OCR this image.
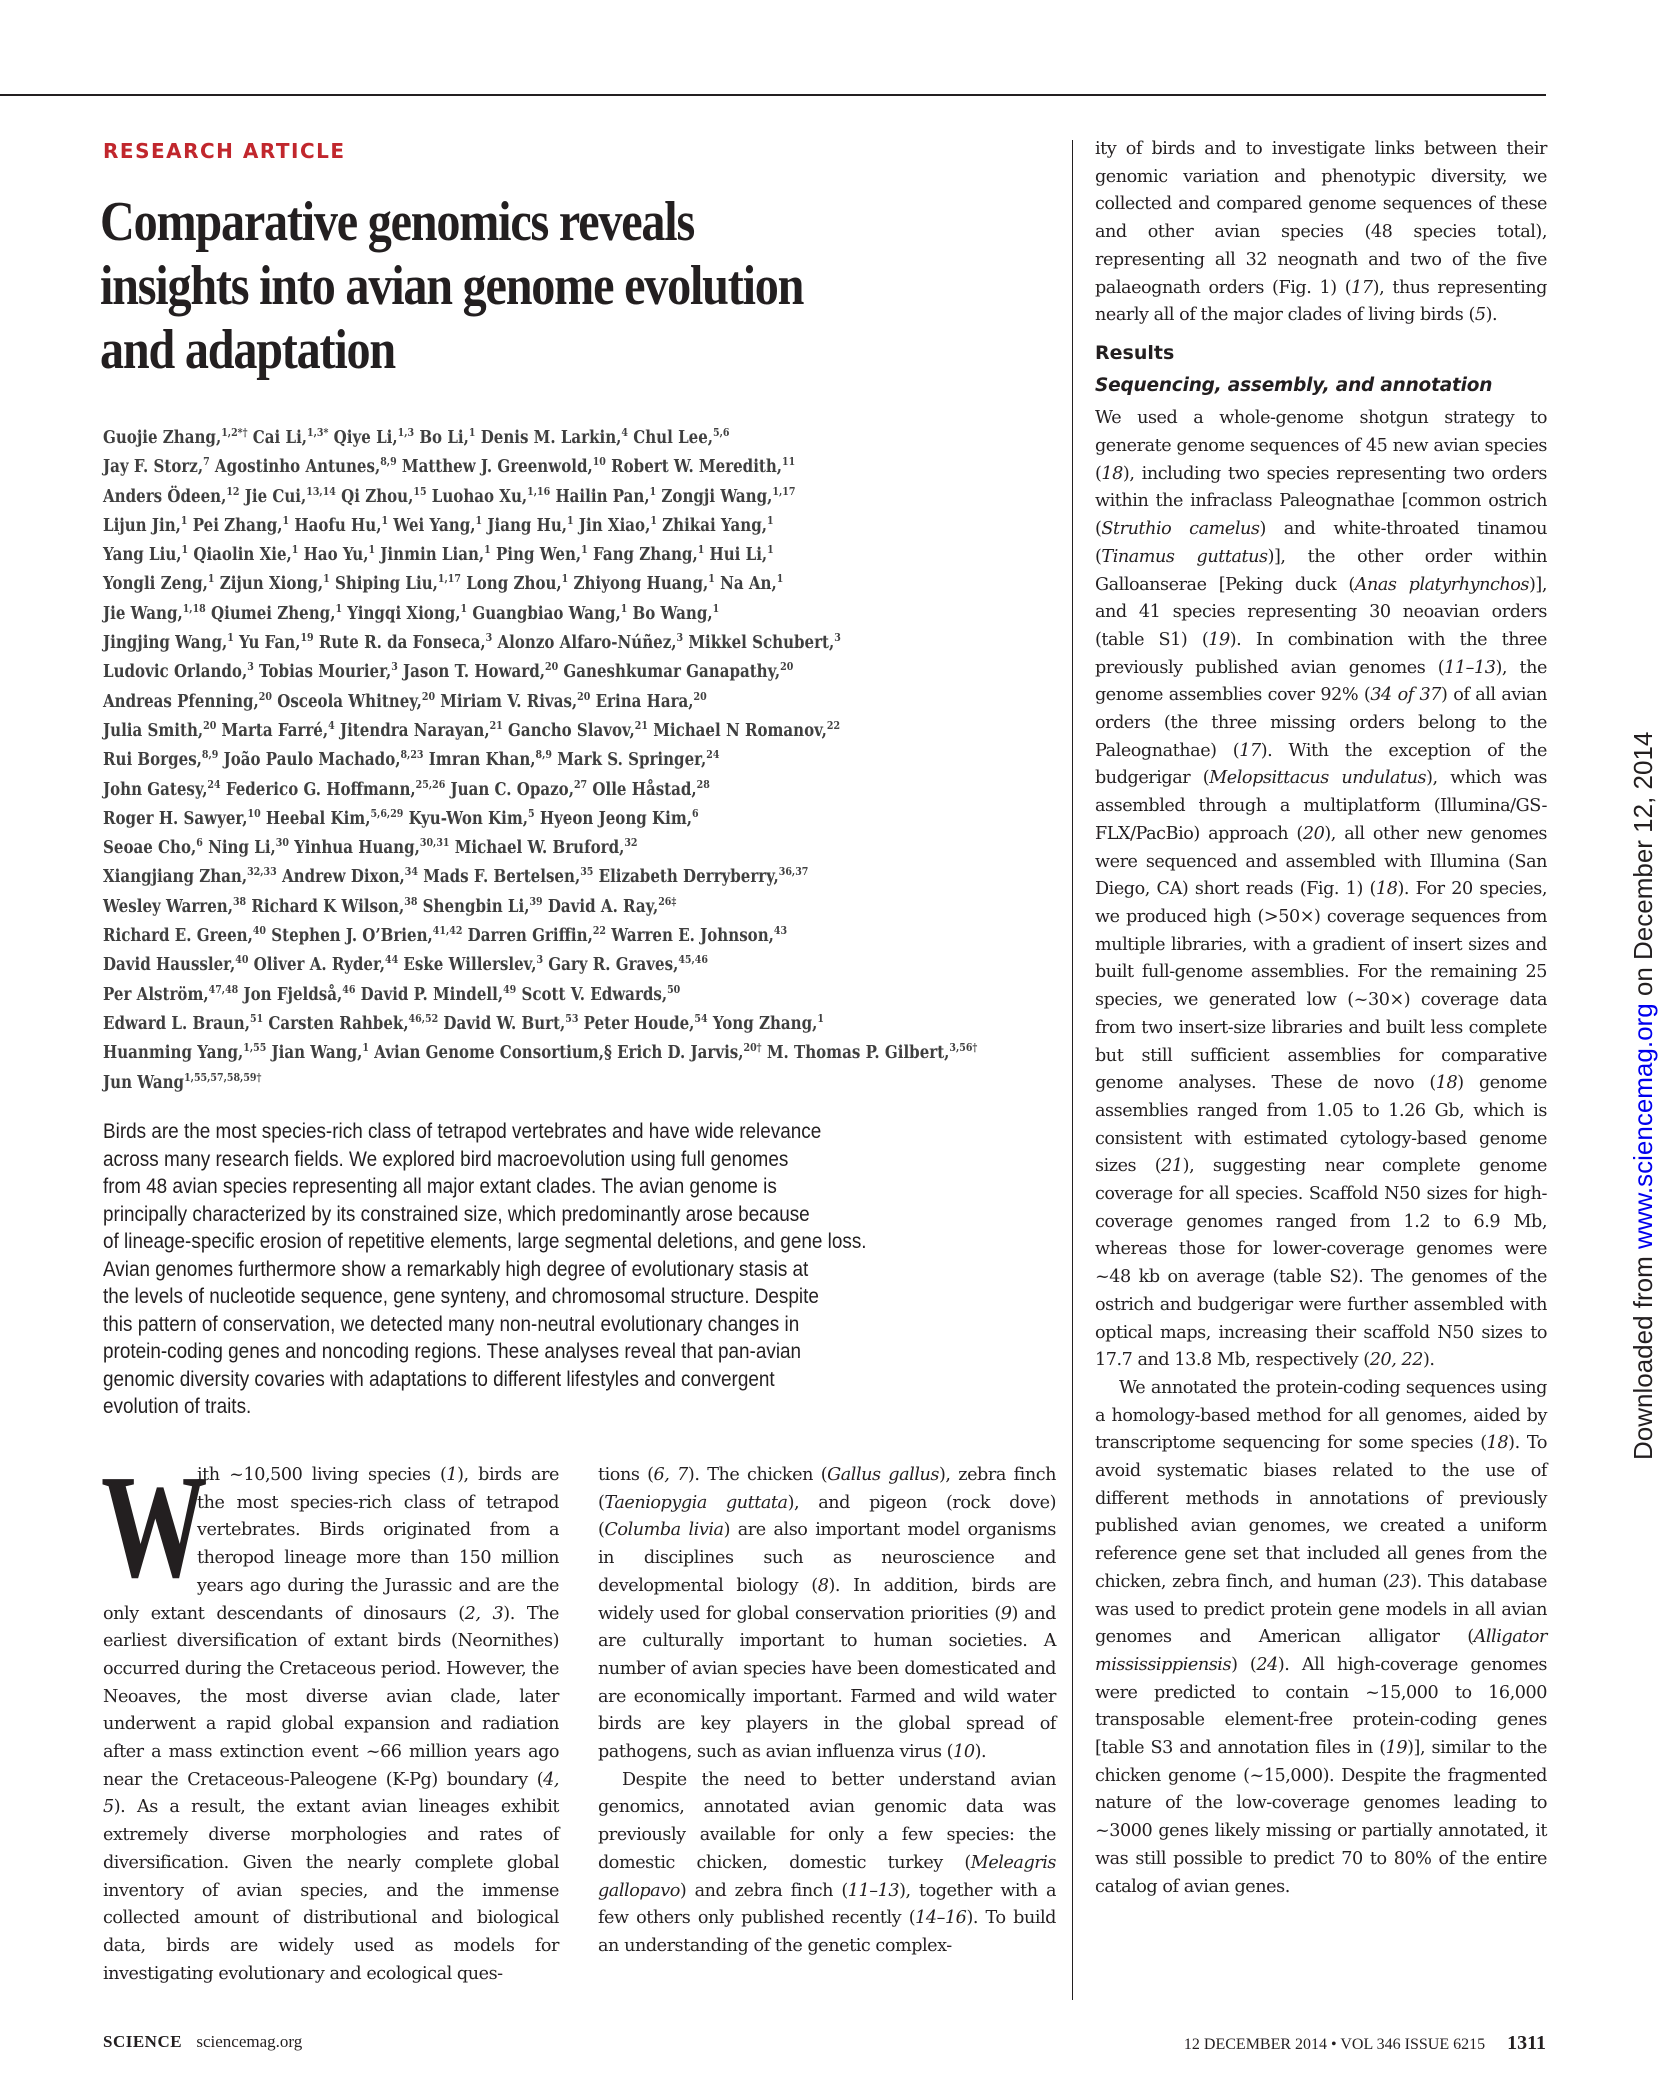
RESEARCH ARTICLE
Comparative genomics reveals
insights into avian genome evolution
and adaptation
Guojie Zhang,$^{1,2*\dagger}$ Cai Li,$^{1,3*}$ Qiye Li,$^{1,3}$ Bo Li,$^1$ Denis M. Larkin,$^4$ Chul Lee,$^{5,6}$
Jay F. Storz,$^7$ Agostinho Antunes,$^{8,9}$ Matthew J. Greenwold,$^{10}$ Robert W. Meredith,$^{11}$
Anders Ödeen,$^{12}$ Jie Cui,$^{13,14}$ Qi Zhou,$^{15}$ Luohao Xu,$^{1,16}$ Hailin Pan,$^1$ Zongji Wang,$^{1,17}$
Lijun Jin,$^1$ Pei Zhang,$^1$ Haofu Hu,$^1$ Wei Yang,$^1$ Jiang Hu,$^1$ Jin Xiao,$^1$ Zhikai Yang,$^1$
Yang Liu,$^1$ Qiaolin Xie,$^1$ Hao Yu,$^1$ Jinmin Lian,$^1$ Ping Wen,$^1$ Fang Zhang,$^1$ Hui Li,$^1$
Yongli Zeng,$^1$ Zijun Xiong,$^1$ Shiping Liu,$^{1,17}$ Long Zhou,$^1$ Zhiyong Huang,$^1$ Na An,$^1$
Jie Wang,$^{1,18}$ Qiumei Zheng,$^1$ Yingqi Xiong,$^1$ Guangbiao Wang,$^1$ Bo Wang,$^1$
Jingjing Wang,$^1$ Yu Fan,$^{19}$ Rute R. da Fonseca,$^3$ Alonzo Alfaro-Núñez,$^3$ Mikkel Schubert,$^3$
Ludovic Orlando,$^3$ Tobias Mourier,$^3$ Jason T. Howard,$^{20}$ Ganeshkumar Ganapathy,$^{20}$
Andreas Pfenning,$^{20}$ Osceola Whitney,$^{20}$ Miriam V. Rivas,$^{20}$ Erina Hara,$^{20}$
Julia Smith,$^{20}$ Marta Farré,$^4$ Jitendra Narayan,$^{21}$ Gancho Slavov,$^{21}$ Michael N Romanov,$^{22}$
Rui Borges,$^{8,9}$ João Paulo Machado,$^{8,23}$ Imran Khan,$^{8,9}$ Mark S. Springer,$^{24}$
John Gatesy,$^{24}$ Federico G. Hoffmann,$^{25,26}$ Juan C. Opazo,$^{27}$ Olle Håstad,$^{28}$
Roger H. Sawyer,$^{10}$ Heebal Kim,$^{5,6,29}$ Kyu-Won Kim,$^5$ Hyeon Jeong Kim,$^6$
Seoae Cho,$^6$ Ning Li,$^{30}$ Yinhua Huang,$^{30,31}$ Michael W. Bruford,$^{32}$
Xiangjiang Zhan,$^{32,33}$ Andrew Dixon,$^{34}$ Mads F. Bertelsen,$^{35}$ Elizabeth Derryberry,$^{36,37}$
Wesley Warren,$^{38}$ Richard K Wilson,$^{38}$ Shengbin Li,$^{39}$ David A. Ray,$^{26\ddagger}$
Richard E. Green,$^{40}$ Stephen J. O’Brien,$^{41,42}$ Darren Griffin,$^{22}$ Warren E. Johnson,$^{43}$
David Haussler,$^{40}$ Oliver A. Ryder,$^{44}$ Eske Willerslev,$^3$ Gary R. Graves,$^{45,46}$
Per Alström,$^{47,48}$ Jon Fjeldså,$^{46}$ David P. Mindell,$^{49}$ Scott V. Edwards,$^{50}$
Edward L. Braun,$^{51}$ Carsten Rahbek,$^{46,52}$ David W. Burt,$^{53}$ Peter Houde,$^{54}$ Yong Zhang,$^1$
Huanming Yang,$^{1,55}$ Jian Wang,$^1$ Avian Genome Consortium,§ Erich D. Jarvis,$^{20\dagger}$ M. Thomas P. Gilbert,$^{3,56\dagger}$
Jun Wang$^{1,55,57,58,59\dagger}$
Birds are the most species-rich class of tetrapod vertebrates and have wide relevance
across many research fields. We explored bird macroevolution using full genomes
from 48 avian species representing all major extant clades. The avian genome is
principally characterized by its constrained size, which predominantly arose because
of lineage-specific erosion of repetitive elements, large segmental deletions, and gene loss.
Avian genomes furthermore show a remarkably high degree of evolutionary stasis at
the levels of nucleotide sequence, gene synteny, and chromosomal structure. Despite
this pattern of conservation, we detected many non-neutral evolutionary changes in
protein-coding genes and noncoding regions. These analyses reveal that pan-avian
genomic diversity covaries with adaptations to different lifestyles and convergent
evolution of traits.
W

ith ~10,500 living species (1), birds are the most species-rich class of tetrapod vertebrates. Birds originated from a theropod lineage more than 150 million years ago during the Jurassic and are the only extant descendants of dinosaurs (2, 3). The earliest diversification of extant birds (Neornithes) occurred during the Cretaceous period. However, the Neoaves, the most diverse avian clade, later underwent a rapid global expansion and radiation after a mass extinction event ~66 million years ago near the Cretaceous-Paleogene (K-Pg) boundary (4, 5). As a result, the extant avian lineages exhibit extremely diverse morphologies and rates of diversification. Given the nearly complete global inventory of avian species, and the immense collected amount of distributional and biological data, birds are widely used as models for investigating evolutionary and ecological ques-

tions (6, 7). The chicken (Gallus gallus), zebra finch (Taeniopygia guttata), and pigeon (rock dove) (Columba livia) are also important model organisms in disciplines such as neuroscience and developmental biology (8). In addition, birds are widely used for global conservation priorities (9) and are culturally important to human societies. A number of avian species have been domesticated and are economically important. Farmed and wild water birds are key players in the global spread of pathogens, such as avian influenza virus (10).

Despite the need to better understand avian genomics, annotated avian genomic data was previously available for only a few species: the domestic chicken, domestic turkey (Meleagris gallopavo) and zebra finch (11–13), together with a few others only published recently (14–16). To build an understanding of the genetic complex-

ity of birds and to investigate links between their genomic variation and phenotypic diversity, we collected and compared genome sequences of these and other avian species (48 species total), representing all 32 neognath and two of the five palaeognath orders (Fig. 1) (17), thus representing nearly all of the major clades of living birds (5).

Results

Sequencing, assembly, and annotation

We used a whole-genome shotgun strategy to generate genome sequences of 45 new avian species (18), including two species representing two orders within the infraclass Paleognathae [common ostrich (Struthio camelus) and white-throated tinamou (Tinamus guttatus)], the other order within Galloanserae [Peking duck (Anas platyrhynchos)], and 41 species representing 30 neoavian orders (table S1) (19). In combination with the three previously published avian genomes (11–13), the genome assemblies cover 92% (34 of 37) of all avian orders (the three missing orders belong to the Paleognathae) (17). With the exception of the budgerigar (Melopsittacus undulatus), which was assembled through a multiplatform (Illumina/GS-FLX/PacBio) approach (20), all other new genomes were sequenced and assembled with Illumina (San Diego, CA) short reads (Fig. 1) (18). For 20 species, we produced high (>50×) coverage sequences from multiple libraries, with a gradient of insert sizes and built full-genome assemblies. For the remaining 25 species, we generated low (~30×) coverage data from two insert-size libraries and built less complete but still sufficient assemblies for comparative genome analyses. These de novo (18) genome assemblies ranged from 1.05 to 1.26 Gb, which is consistent with estimated cytology-based genome sizes (21), suggesting near complete genome coverage for all species. Scaffold N50 sizes for high-coverage genomes ranged from 1.2 to 6.9 Mb, whereas those for lower-coverage genomes were ~48 kb on average (table S2). The genomes of the ostrich and budgerigar were further assembled with optical maps, increasing their scaffold N50 sizes to 17.7 and 13.8 Mb, respectively (20, 22).

We annotated the protein-coding sequences using a homology-based method for all genomes, aided by transcriptome sequencing for some species (18). To avoid systematic biases related to the use of different methods in annotations of previously published avian genomes, we created a uniform reference gene set that included all genes from the chicken, zebra finch, and human (23). This database was used to predict protein gene models in all avian genomes and American alligator (Alligator mississippiensis) (24). All high-coverage genomes were predicted to contain ~15,000 to 16,000 transposable element-free protein-coding genes [table S3 and annotation files in (19)], similar to the chicken genome (~15,000). Despite the fragmented nature of the low-coverage genomes leading to ~3000 genes likely missing or partially annotated, it was still possible to predict 70 to 80% of the entire catalog of avian genes.

SCIENCE sciencemag.org	12 DECEMBER 2014 • VOL 346 ISSUE 6215 1311
Downloaded from www.sciencemag.org on December 12, 2014
